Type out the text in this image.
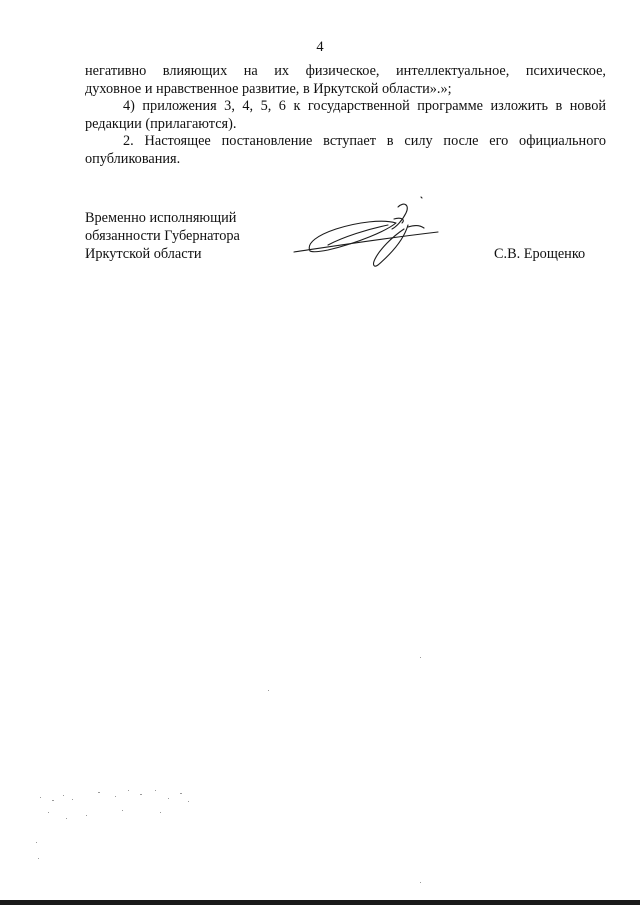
4

негативно влияющих на их физическое, интеллектуальное, психическое,

духовное и нравственное развитие, в Иркутской области».»;

4) приложения 3, 4, 5, 6 к государственной программе изложить в новой

редакции (прилагаются).

2. Настоящее постановление вступает в силу после его официального

опубликования.

Временно исполняющий
обязанности Губернатора
Иркутской области	С.В. Ерощенко
